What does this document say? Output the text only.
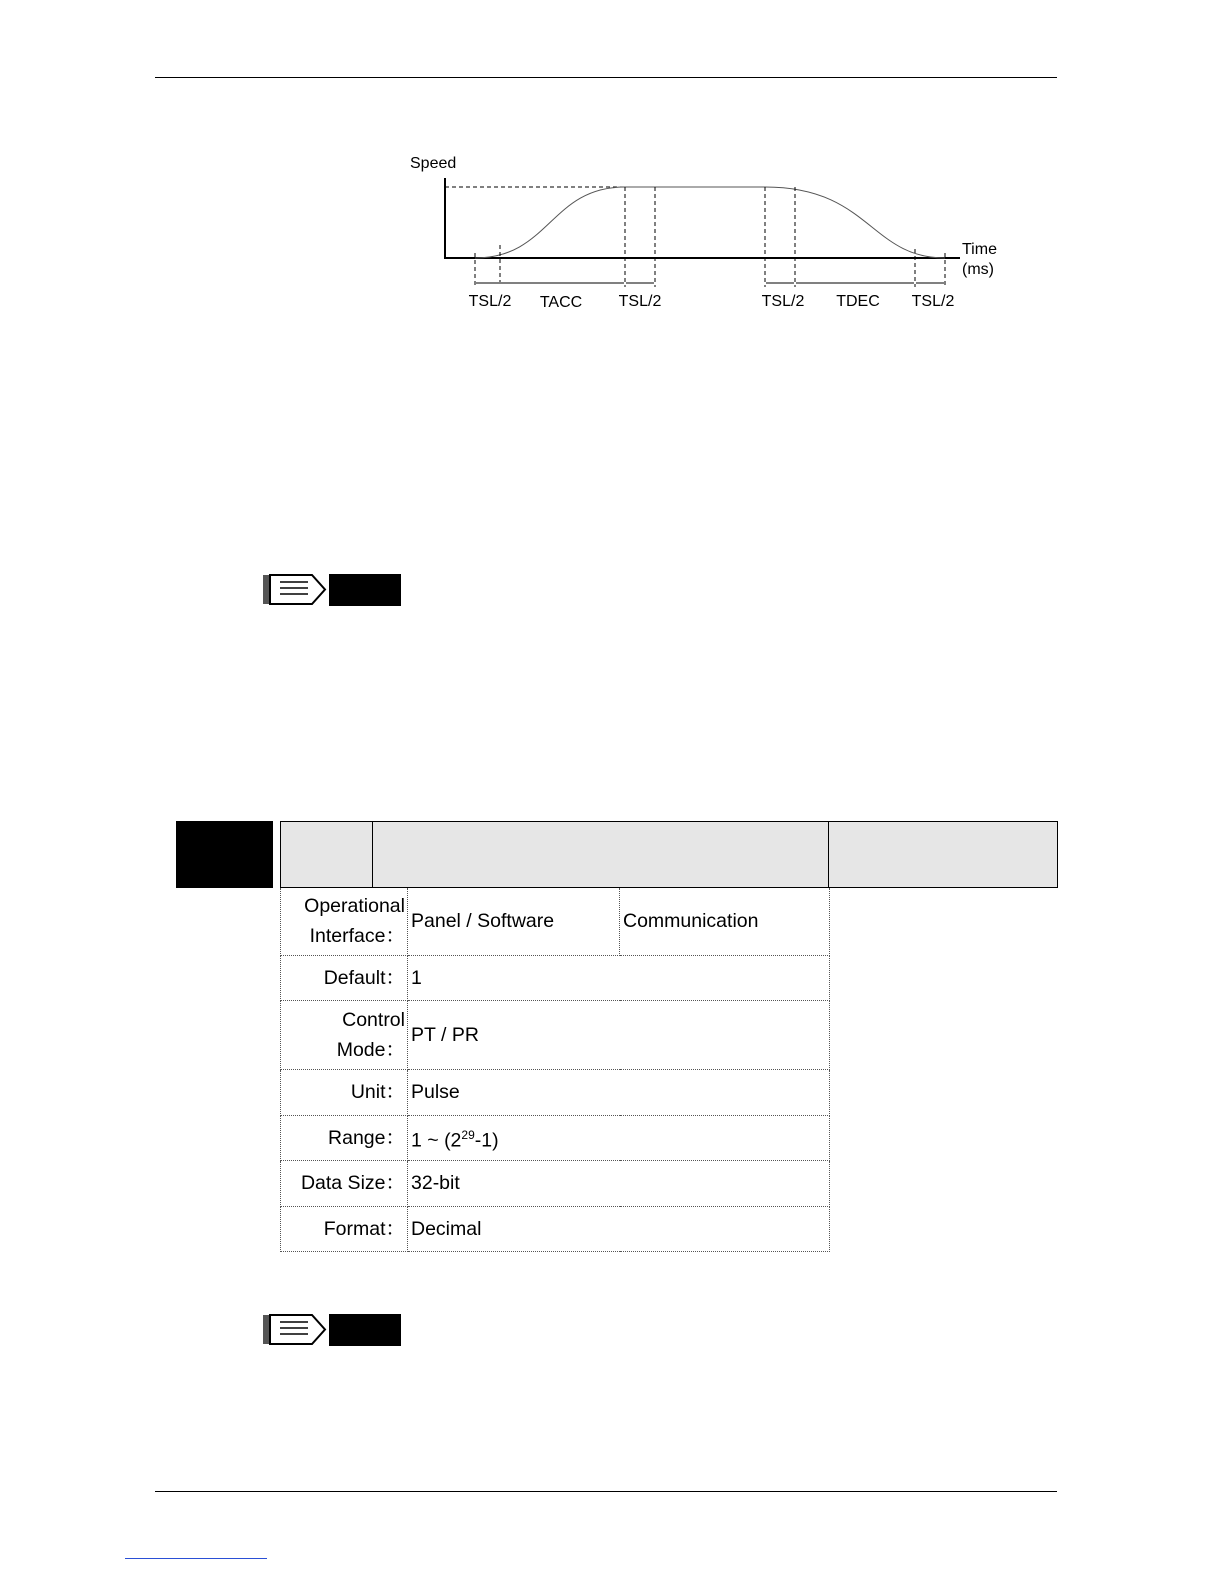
Speed
Time
(ms)
TSL/2 TACC TSL/2	TSL/2 TDEC TSL/2
Operational
Interface：	Panel / Software	Communication
Default：	1	
Control
Mode：	PT / PR	
Unit：	Pulse	
Range：	1 ~ $(2^{29}-1)$	
Data Size：	32-bit	
Format：	Decimal	
